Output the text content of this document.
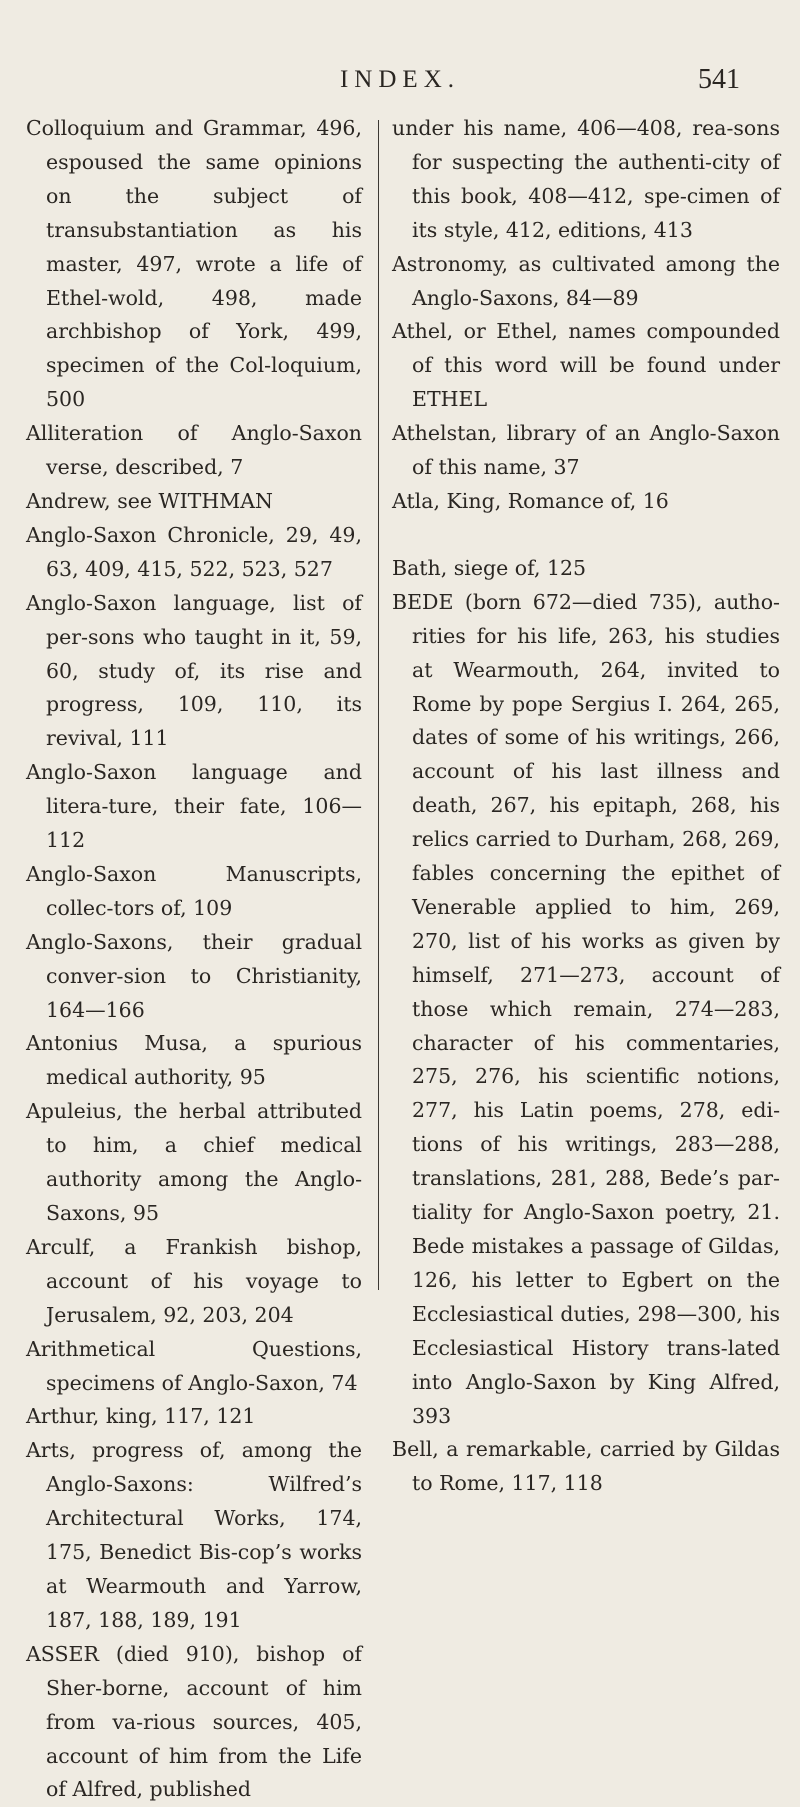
INDEX.	541

Colloquium and Grammar, 496, espoused the same opinions on the subject of transubstantiation as his master, 497, wrote a life of Ethel-wold, 498, made archbishop of York, 499, specimen of the Col-loquium, 500

Alliteration of Anglo-Saxon verse, described, 7

Andrew, see WITHMAN

Anglo-Saxon Chronicle, 29, 49, 63, 409, 415, 522, 523, 527

Anglo-Saxon language, list of per-sons who taught in it, 59, 60, study of, its rise and progress, 109, 110, its revival, 111

Anglo-Saxon language and litera-ture, their fate, 106—112

Anglo-Saxon Manuscripts, collec-tors of, 109

Anglo-Saxons, their gradual conver-sion to Christianity, 164—166

Antonius Musa, a spurious medical authority, 95

Apuleius, the herbal attributed to him, a chief medical authority among the Anglo-Saxons, 95

Arculf, a Frankish bishop, account of his voyage to Jerusalem, 92, 203, 204

Arithmetical Questions, specimens of Anglo-Saxon, 74

Arthur, king, 117, 121

Arts, progress of, among the Anglo-Saxons: Wilfred’s Architectural Works, 174, 175, Benedict Bis-cop’s works at Wearmouth and Yarrow, 187, 188, 189, 191

ASSER (died 910), bishop of Sher-borne, account of him from va-rious sources, 405, account of him from the Life of Alfred, published

under his name, 406—408, rea-sons for suspecting the authenti-city of this book, 408—412, spe-cimen of its style, 412, editions, 413

Astronomy, as cultivated among the Anglo-Saxons, 84—89

Athel, or Ethel, names compounded of this word will be found under ETHEL

Athelstan, library of an Anglo-Saxon of this name, 37

Atla, King, Romance of, 16

Bath, siege of, 125

BEDE (born 672—died 735), autho-rities for his life, 263, his studies at Wearmouth, 264, invited to Rome by pope Sergius I. 264, 265, dates of some of his writings, 266, account of his last illness and death, 267, his epitaph, 268, his relics carried to Durham, 268, 269, fables concerning the epithet of Venerable applied to him, 269, 270, list of his works as given by himself, 271—273, account of those which remain, 274—283, character of his commentaries, 275, 276, his scientific notions, 277, his Latin poems, 278, edi-tions of his writings, 283—288, translations, 281, 288, Bede’s par-tiality for Anglo-Saxon poetry, 21. Bede mistakes a passage of Gildas, 126, his letter to Egbert on the Ecclesiastical duties, 298—300, his Ecclesiastical History trans-lated into Anglo-Saxon by King Alfred, 393

Bell, a remarkable, carried by Gildas to Rome, 117, 118
